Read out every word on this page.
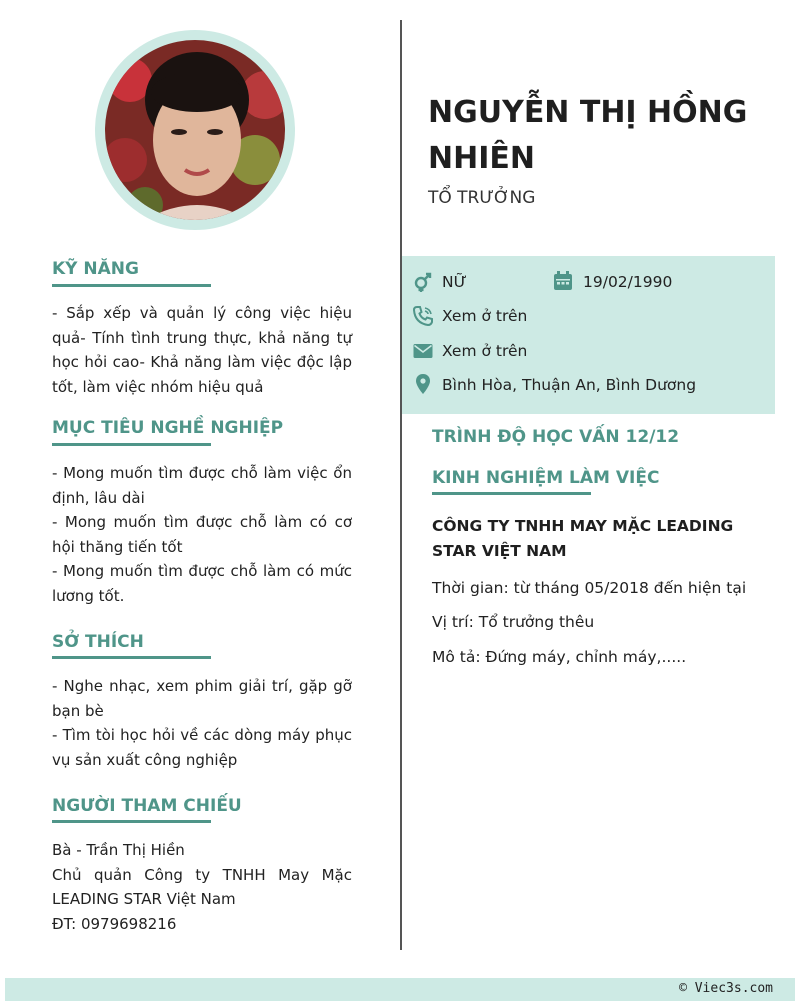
KỸ NĂNG

- Sắp xếp và quản lý công việc hiệu quả- Tính tình trung thực, khả năng tự học hỏi cao- Khả năng làm việc độc lập tốt, làm việc nhóm hiệu quả

MỤC TIÊU NGHỀ NGHIỆP

- Mong muốn tìm được chỗ làm việc ổn định, lâu dài

- Mong muốn tìm được chỗ làm có cơ hội thăng tiến tốt

- Mong muốn tìm được chỗ làm có mức lương tốt.

SỞ THÍCH

- Nghe nhạc, xem phim giải trí, gặp gỡ bạn bè

- Tìm tòi học hỏi về các dòng máy phục vụ sản xuất công nghiệp

NGƯỜI THAM CHIẾU

Bà - Trần Thị Hiền

Chủ quản Công ty TNHH May Mặc LEADING STAR Việt Nam

ĐT: 0979698216

NGUYỄN THỊ HỒNG NHIÊN
TỔ TRƯỞNG
NỮ	19/02/1990
Xem ở trên
Xem ở trên
Bình Hòa, Thuận An, Bình Dương
TRÌNH ĐỘ HỌC VẤN 12/12
KINH NGHIỆM LÀM VIỆC
CÔNG TY TNHH MAY MẶC LEADING STAR VIỆT NAM
Thời gian: từ tháng 05/2018 đến hiện tại
Vị trí: Tổ trưởng thêu
Mô tả: Đứng máy, chỉnh máy,.....
© Viec3s.com
